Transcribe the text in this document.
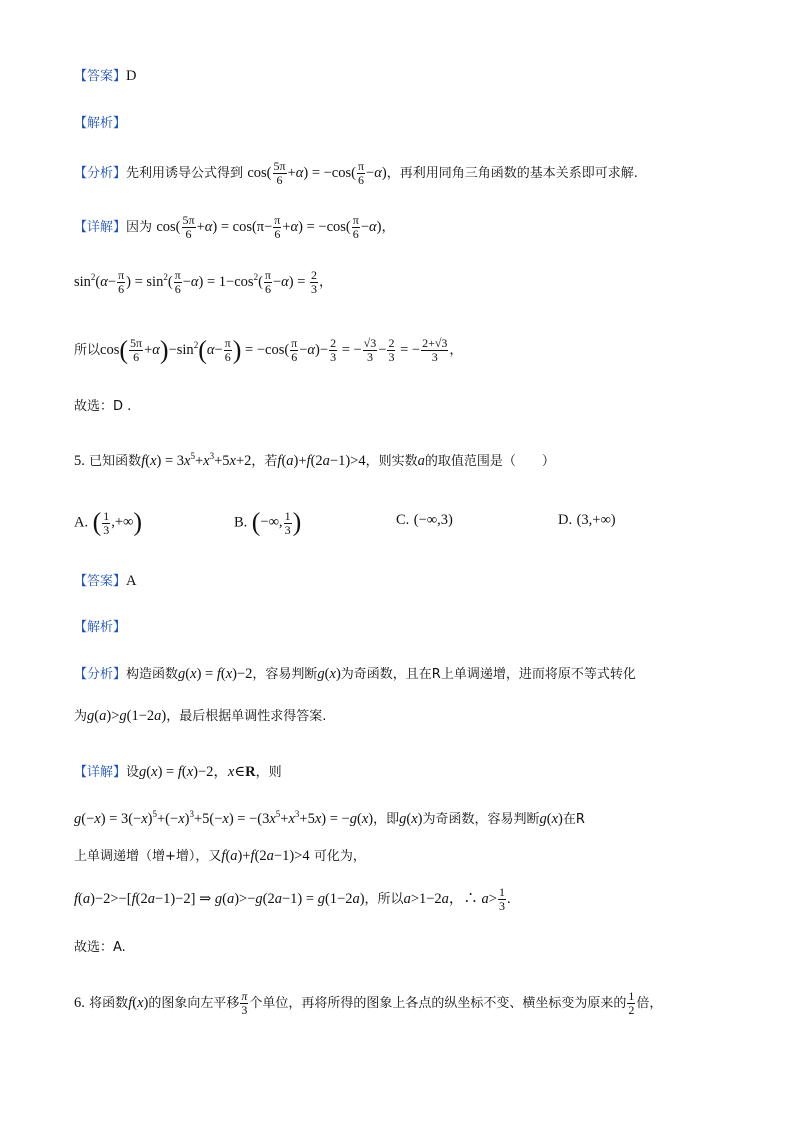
【答案】D
【解析】
【分析】先利用诱导公式得到 $\cos( \frac{5\pi}{6} +\alpha) = -\cos( \frac{\pi}{6} -\alpha)$，再利用同角三角函数的基本关系即可求解.
【详解】因为 $\cos( \frac{5\pi}{6} +\alpha) = \cos(\pi- \frac{\pi}{6} +\alpha) = -\cos( \frac{\pi}{6} -\alpha)$，
$\sin^2(\alpha- \frac{\pi}{6}$ ) = $\sin^2( \frac{\pi}{6} -\alpha) = 1-\cos^2( \frac{\pi}{6} -\alpha) = \frac{2}{3}$ ，
所以$\cos( \frac{5\pi}{6} +\alpha)-\sin^2(\alpha- \frac{\pi}{6}$ ) = $-\cos( \frac{\pi}{6} -\alpha)- \frac{2}{3}$ = − $\frac{√3}{3} - \frac{2}{3}$ = − $\frac{2+√3}{3}$ ，
故选：D .
5. 已知函数$f(x) = 3x^5+x^3+5x+2$，若f(a)+f(2a−1)>4，则实数a的取值范围是（　　）
A. ( $\frac{1}{3}$ ,+∞)	B. (−∞, $\frac{1}{3}$ )	C. (−∞,3)	D. (3,+∞)
【答案】A
【解析】
【分析】构造函数g(x) = f(x)−2，容易判断g(x)为奇函数，且在R上单调递增，进而将原不等式转化
为g(a)>g(1−2a)，最后根据单调性求得答案.
【详解】设g(x) = f(x)−2，x∈R，则
$g(-x) = 3(-x)^5+(-x)^3+5(-x) = -(3x^5+x^3+5x) = -g(x)$，即g(x)为奇函数，容易判断g(x)在R
上单调递增（增+增），又f(a)+f(2a−1)>4 可化为，
f(a)−2>−[f(2a−1)−2] ⇒ g(a)>−g(2a−1) = g(1−2a)，所以a>1−2a，∴ $a> \frac{1}{3}$ .
故选：A.
6. 将函数f(x)的图象向左平移 $\frac{\pi}{3}$ 个单位，再将所得的图象上各点的纵坐标不变、横坐标变为原来的 $\frac{1}{2}$ 倍，
